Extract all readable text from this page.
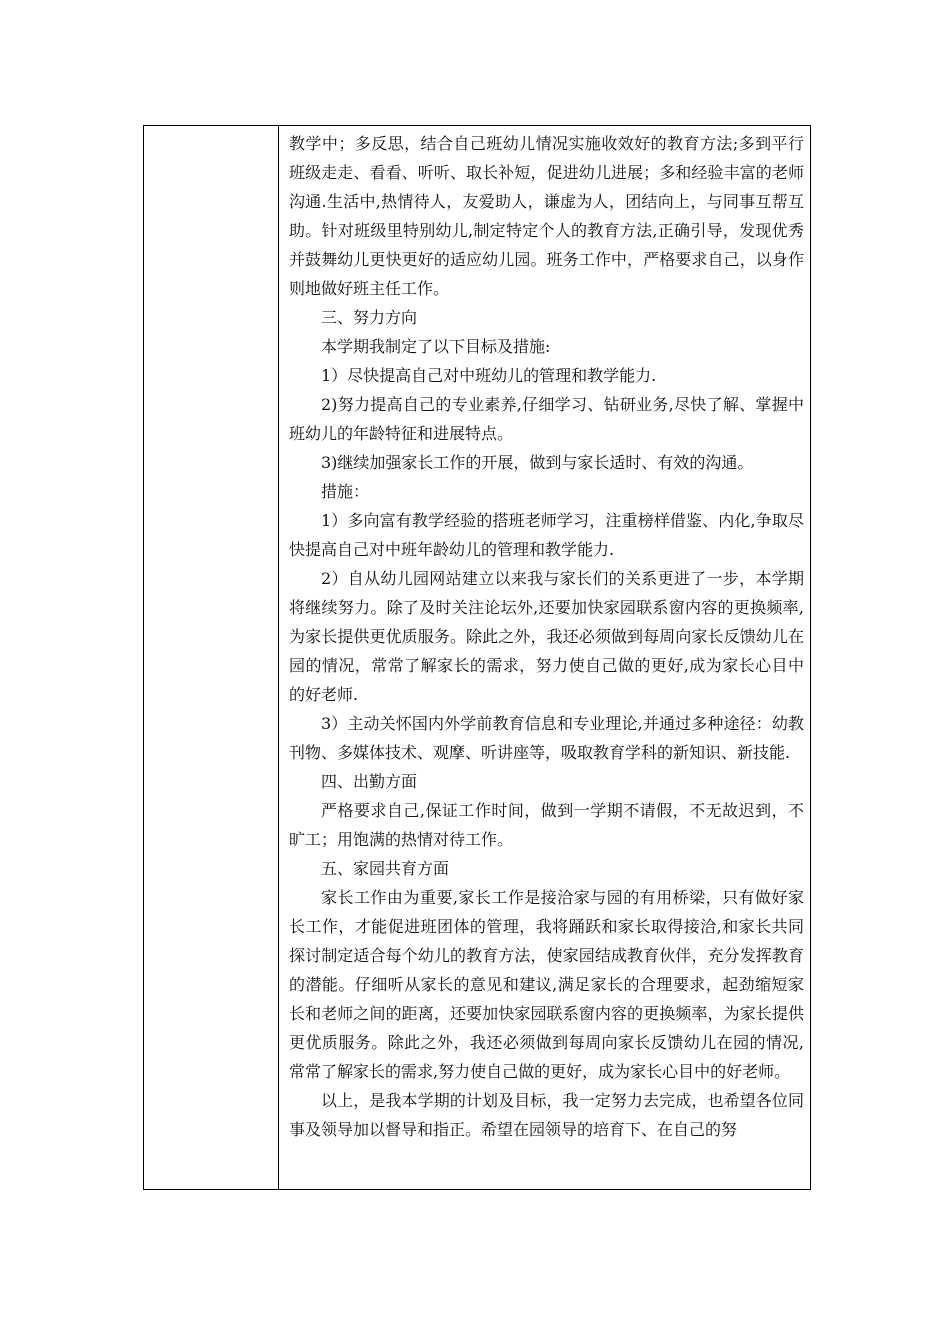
教学中；多反思，结合自己班幼儿情况实施收效好的教育方法;多到平行班级走走、看看、听听、取长补短，促进幼儿进展；多和经验丰富的老师沟通.生活中,热情待人，友爱助人，谦虚为人，团结向上，与同事互帮互助。针对班级里特别幼儿,制定特定个人的教育方法,正确引导，发现优秀并鼓舞幼儿更快更好的适应幼儿园。班务工作中，严格要求自己，以身作则地做好班主任工作。

三、努力方向

本学期我制定了以下目标及措施:

1）尽快提高自己对中班幼儿的管理和教学能力.

2)努力提高自己的专业素养,仔细学习、钻研业务,尽快了解、掌握中班幼儿的年龄特征和进展特点。

3)继续加强家长工作的开展，做到与家长适时、有效的沟通。

措施：

1）多向富有教学经验的搭班老师学习，注重榜样借鉴、内化,争取尽快提高自己对中班年龄幼儿的管理和教学能力.

2）自从幼儿园网站建立以来我与家长们的关系更进了一步，本学期将继续努力。除了及时关注论坛外,还要加快家园联系窗内容的更换频率,为家长提供更优质服务。除此之外，我还必须做到每周向家长反馈幼儿在园的情况，常常了解家长的需求，努力使自己做的更好,成为家长心目中的好老师.

3）主动关怀国内外学前教育信息和专业理论,并通过多种途径：幼教刊物、多媒体技术、观摩、听讲座等，吸取教育学科的新知识、新技能.

四、出勤方面

严格要求自己,保证工作时间，做到一学期不请假，不无故迟到，不旷工；用饱满的热情对待工作。

五、家园共育方面

家长工作由为重要,家长工作是接洽家与园的有用桥梁，只有做好家长工作，才能促进班团体的管理，我将踊跃和家长取得接洽,和家长共同探讨制定适合每个幼儿的教育方法，使家园结成教育伙伴，充分发挥教育的潜能。仔细听从家长的意见和建议,满足家长的合理要求，起劲缩短家长和老师之间的距离，还要加快家园联系窗内容的更换频率，为家长提供更优质服务。除此之外，我还必须做到每周向家长反馈幼儿在园的情况,常常了解家长的需求,努力使自己做的更好，成为家长心目中的好老师。

以上，是我本学期的计划及目标，我一定努力去完成，也希望各位同事及领导加以督导和指正。希望在园领导的培育下、在自己的努
